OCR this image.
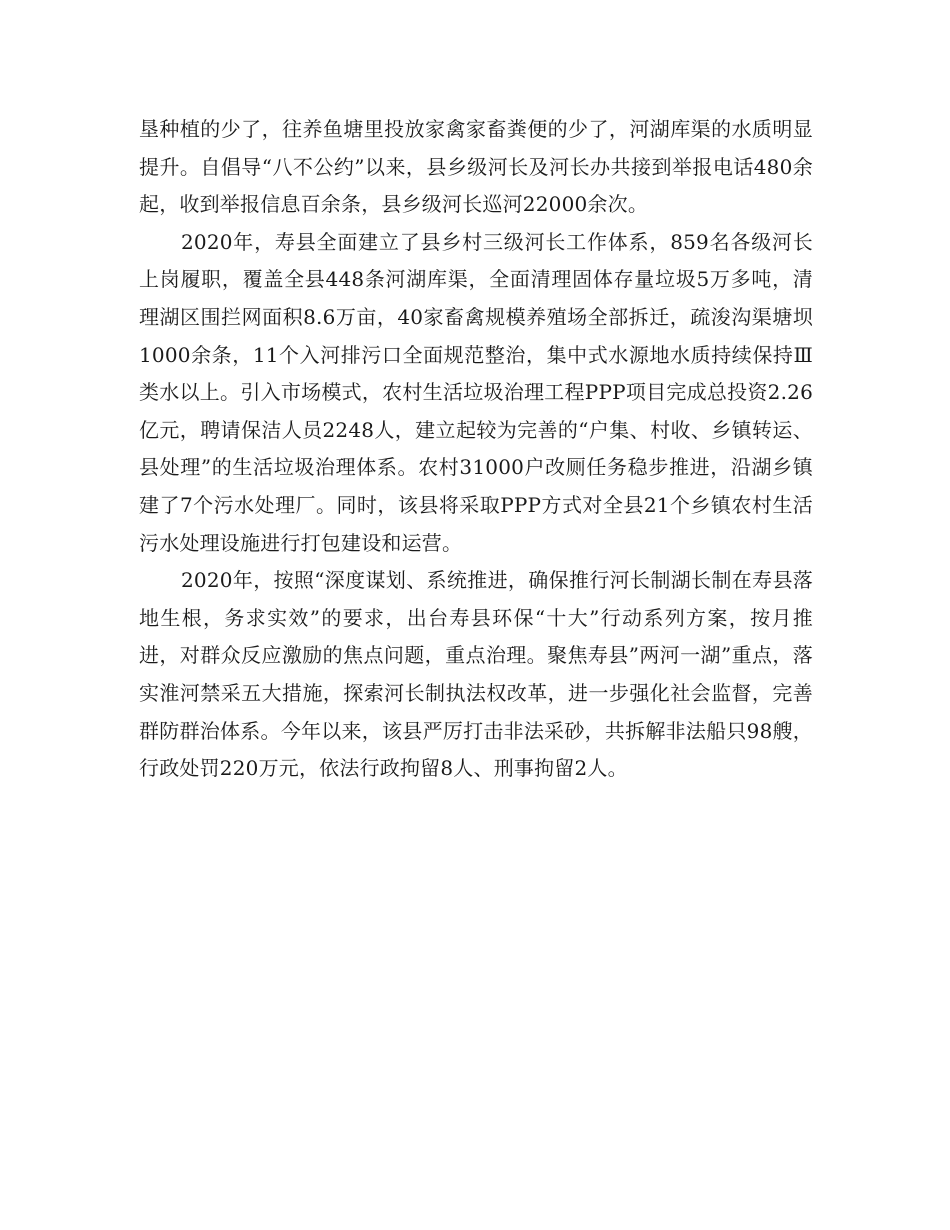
垦种植的少了，往养鱼塘里投放家禽家畜粪便的少了，河湖库渠的水质明显提升。自倡导“八不公约”以来，县乡级河长及河长办共接到举报电话480余起，收到举报信息百余条，县乡级河长巡河22000余次。

2020年，寿县全面建立了县乡村三级河长工作体系，859名各级河长上岗履职，覆盖全县448条河湖库渠，全面清理固体存量垃圾5万多吨，清理湖区围拦网面积8.6万亩，40家畜禽规模养殖场全部拆迁，疏浚沟渠塘坝1000余条，11个入河排污口全面规范整治，集中式水源地水质持续保持Ⅲ类水以上。引入市场模式，农村生活垃圾治理工程PPP项目完成总投资2.26亿元，聘请保洁人员2248人，建立起较为完善的“户集、村收、乡镇转运、县处理”的生活垃圾治理体系。农村31000户改厕任务稳步推进，沿湖乡镇建了7个污水处理厂。同时，该县将采取PPP方式对全县21个乡镇农村生活污水处理设施进行打包建设和运营。

2020年，按照“深度谋划、系统推进，确保推行河长制湖长制在寿县落地生根，务求实效”的要求，出台寿县环保“十大”行动系列方案，按月推进，对群众反应激励的焦点问题，重点治理。聚焦寿县”两河一湖”重点，落实淮河禁采五大措施，探索河长制执法权改革，进一步强化社会监督，完善群防群治体系。今年以来，该县严厉打击非法采砂，共拆解非法船只98艘，行政处罚220万元，依法行政拘留8人、刑事拘留2人。
